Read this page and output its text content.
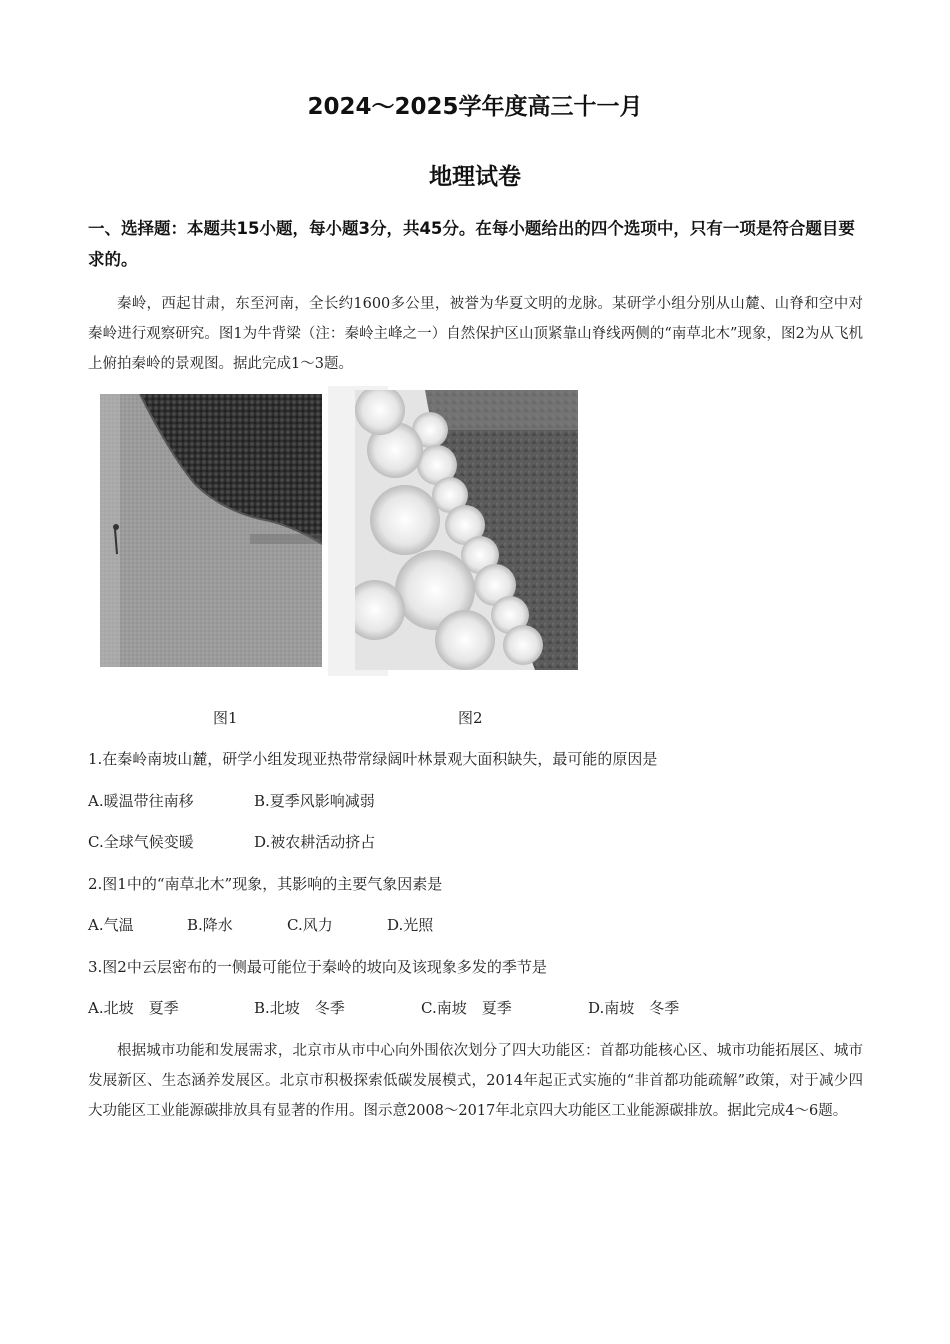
2024～2025学年度高三十一月
地理试卷
一、选择题：本题共15小题，每小题3分，共45分。在每小题给出的四个选项中，只有一项是符合题目要求的。
秦岭，西起甘肃，东至河南，全长约1600多公里，被誉为华夏文明的龙脉。某研学小组分别从山麓、山脊和空中对秦岭进行观察研究。图1为牛背梁（注：秦岭主峰之一）自然保护区山顶紧靠山脊线两侧的“南草北木”现象，图2为从飞机上俯拍秦岭的景观图。据此完成1～3题。
图1	图2
1.在秦岭南坡山麓，研学小组发现亚热带常绿阔叶林景观大面积缺失，最可能的原因是
A.暖温带往南移	B.夏季风影响减弱
C.全球气候变暖	D.被农耕活动挤占
2.图1中的“南草北木”现象，其影响的主要气象因素是
A.气温	B.降水	C.风力	D.光照
3.图2中云层密布的一侧最可能位于秦岭的坡向及该现象多发的季节是
A.北坡　夏季	B.北坡　冬季	C.南坡　夏季	D.南坡　冬季
根据城市功能和发展需求，北京市从市中心向外围依次划分了四大功能区：首都功能核心区、城市功能拓展区、城市发展新区、生态涵养发展区。北京市积极探索低碳发展模式，2014年起正式实施的“非首都功能疏解”政策，对于减少四大功能区工业能源碳排放具有显著的作用。图示意2008～2017年北京四大功能区工业能源碳排放。据此完成4～6题。
